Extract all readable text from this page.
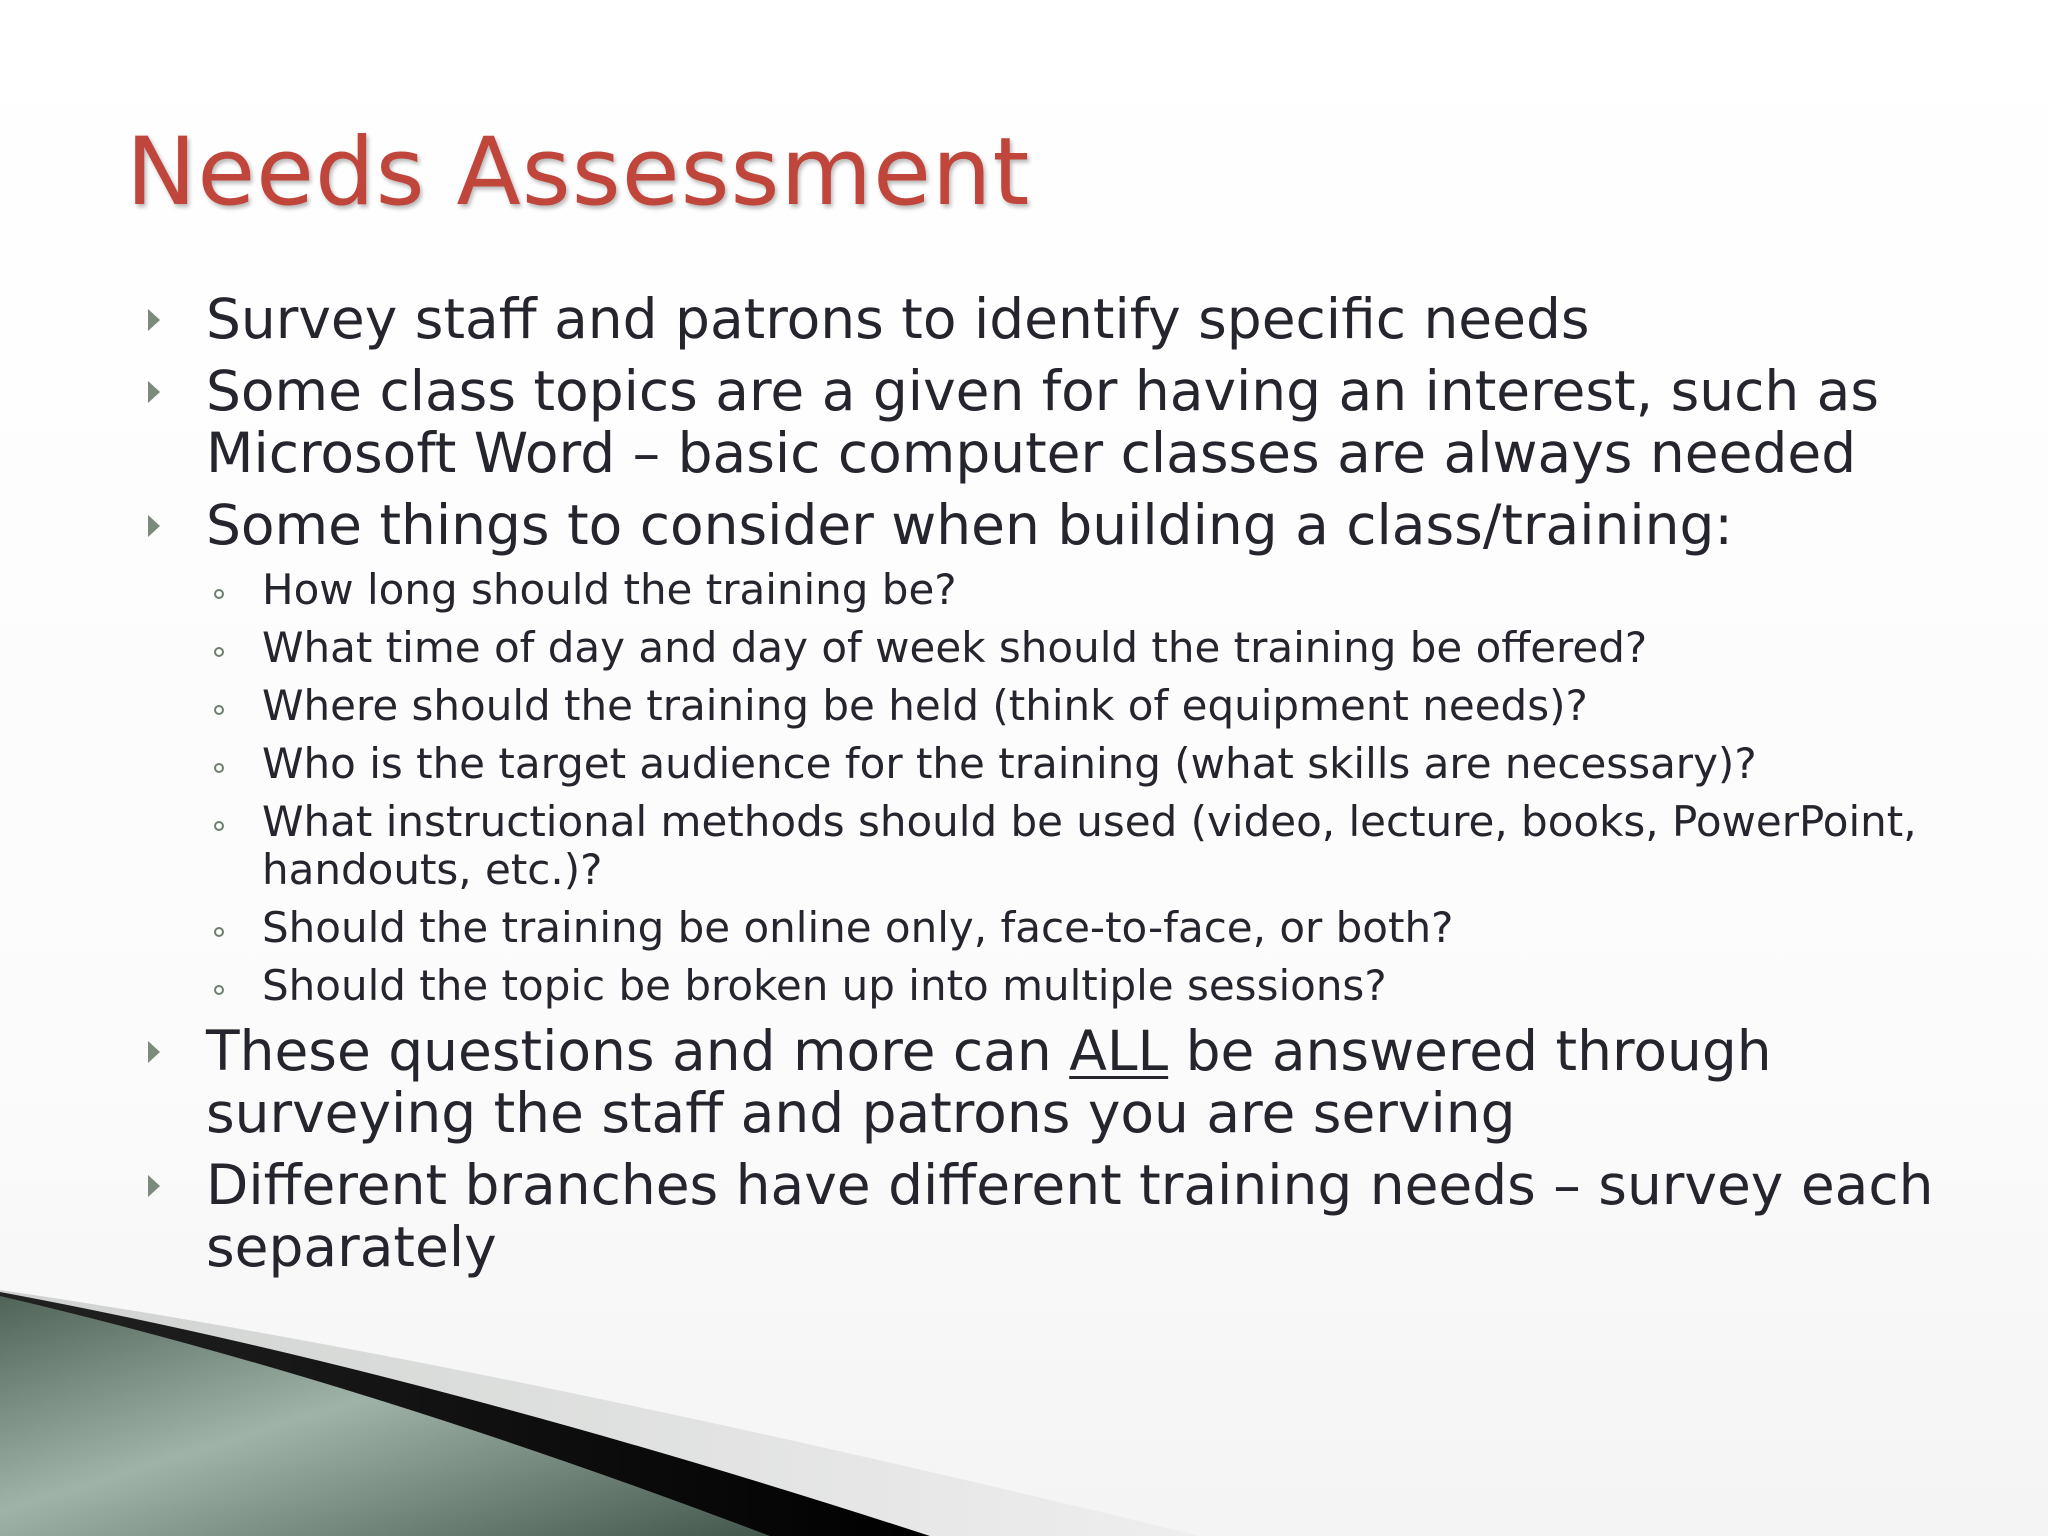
Needs Assessment
Survey staff and patrons to identify specific needs
Some class topics are a given for having an interest, such as Microsoft Word – basic computer classes are always needed
Some things to consider when building a class/training:
How long should the training be?
What time of day and day of week should the training be offered?
Where should the training be held (think of equipment needs)?
Who is the target audience for the training (what skills are necessary)?
What instructional methods should be used (video, lecture, books, PowerPoint, handouts, etc.)?
Should the training be online only, face-to-face, or both?
Should the topic be broken up into multiple sessions?
These questions and more can ALL be answered through surveying the staff and patrons you are serving
Different branches have different training needs – survey each separately
